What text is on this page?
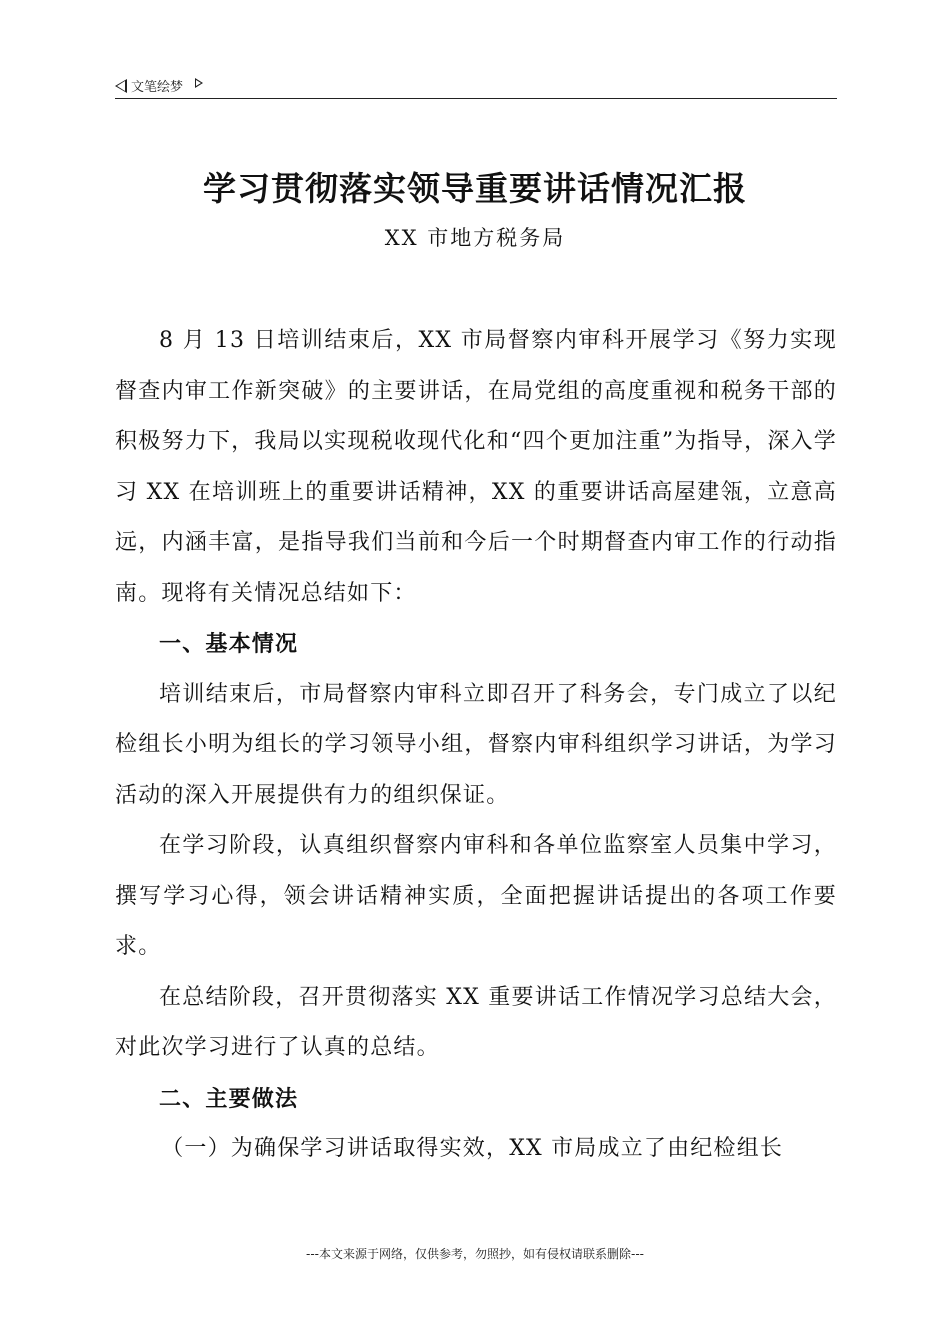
文笔绘梦
学习贯彻落实领导重要讲话情况汇报
XX 市地方税务局

8 月 13 日培训结束后，XX 市局督察内审科开展学习《努力实现督查内审工作新突破》的主要讲话，在局党组的高度重视和税务干部的积极努力下，我局以实现税收现代化和“四个更加注重”为指导，深入学习 XX 在培训班上的重要讲话精神，XX 的重要讲话高屋建瓴，立意高远，内涵丰富，是指导我们当前和今后一个时期督查内审工作的行动指南。现将有关情况总结如下：

一、基本情况

培训结束后，市局督察内审科立即召开了科务会，专门成立了以纪检组长小明为组长的学习领导小组，督察内审科组织学习讲话，为学习活动的深入开展提供有力的组织保证。

在学习阶段，认真组织督察内审科和各单位监察室人员集中学习，撰写学习心得，领会讲话精神实质，全面把握讲话提出的各项工作要求。

在总结阶段，召开贯彻落实 XX 重要讲话工作情况学习总结大会，对此次学习进行了认真的总结。

二、主要做法

（一）为确保学习讲话取得实效，XX 市局成立了由纪检组长

---本文来源于网络，仅供参考，勿照抄，如有侵权请联系删除---
